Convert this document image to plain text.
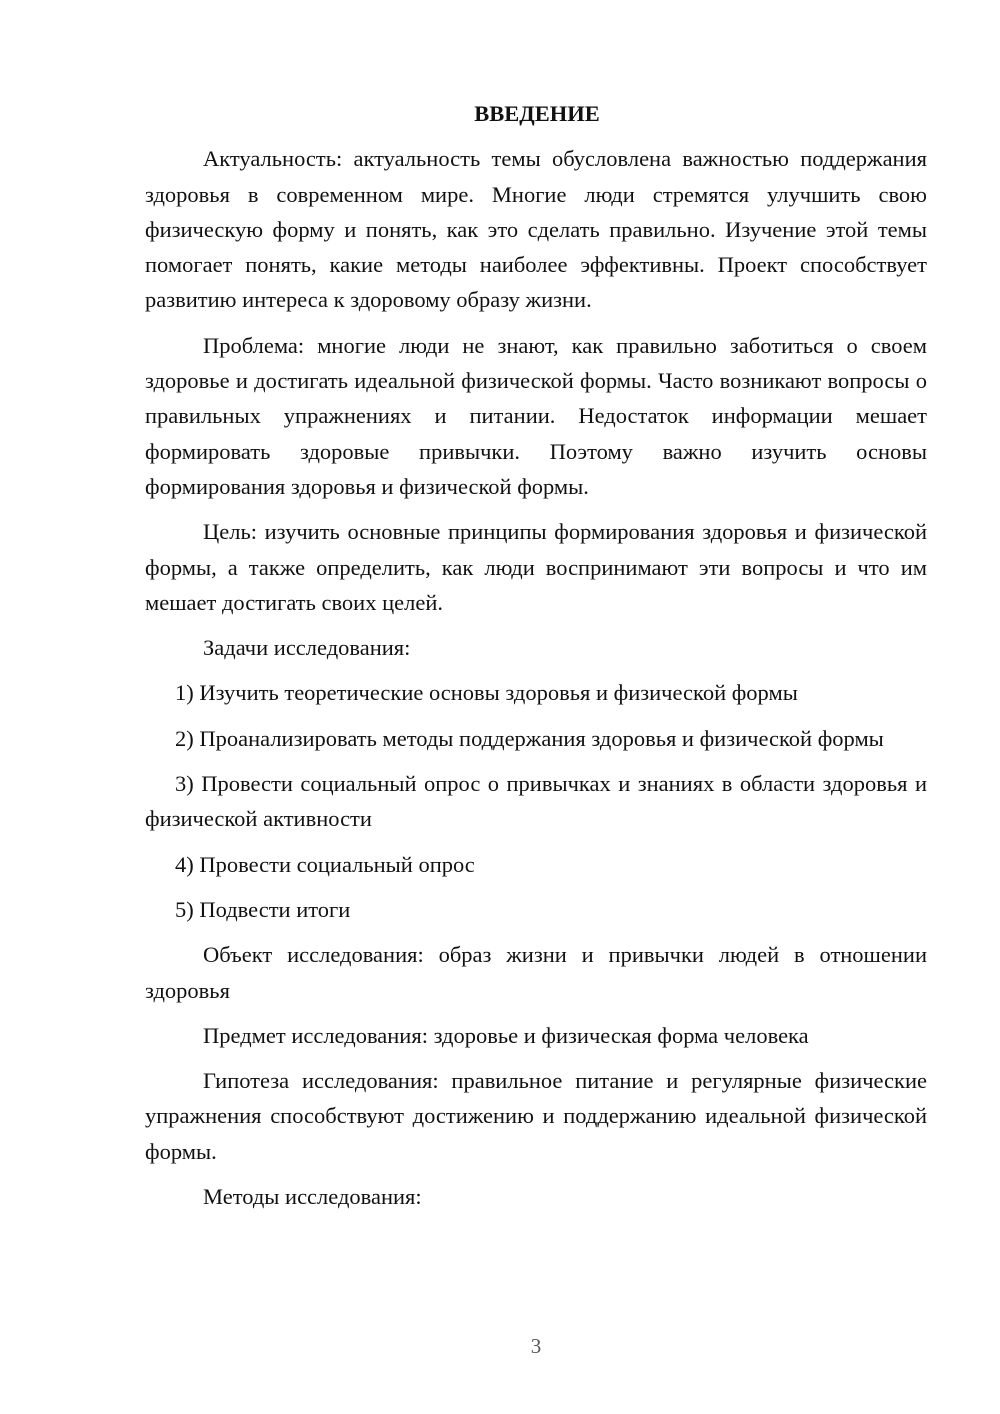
ВВЕДЕНИЕ

Актуальность: актуальность темы обусловлена важностью поддержания здоровья в современном мире. Многие люди стремятся улучшить свою физическую форму и понять, как это сделать правильно. Изучение этой темы помогает понять, какие методы наиболее эффективны. Проект способствует развитию интереса к здоровому образу жизни.

Проблема: многие люди не знают, как правильно заботиться о своем здоровье и достигать идеальной физической формы. Часто возникают вопросы о правильных упражнениях и питании. Недостаток информации мешает формировать здоровые привычки. Поэтому важно изучить основы формирования здоровья и физической формы.

Цель: изучить основные принципы формирования здоровья и физической формы, а также определить, как люди воспринимают эти вопросы и что им мешает достигать своих целей.

Задачи исследования:

1) Изучить теоретические основы здоровья и физической формы

2) Проанализировать методы поддержания здоровья и физической формы

3) Провести социальный опрос о привычках и знаниях в области здоровья и физической активности

4) Провести социальный опрос

5) Подвести итоги

Объект исследования: образ жизни и привычки людей в отношении здоровья

Предмет исследования: здоровье и физическая форма человека

Гипотеза исследования: правильное питание и регулярные физические упражнения способствуют достижению и поддержанию идеальной физической формы.

Методы исследования:

3
